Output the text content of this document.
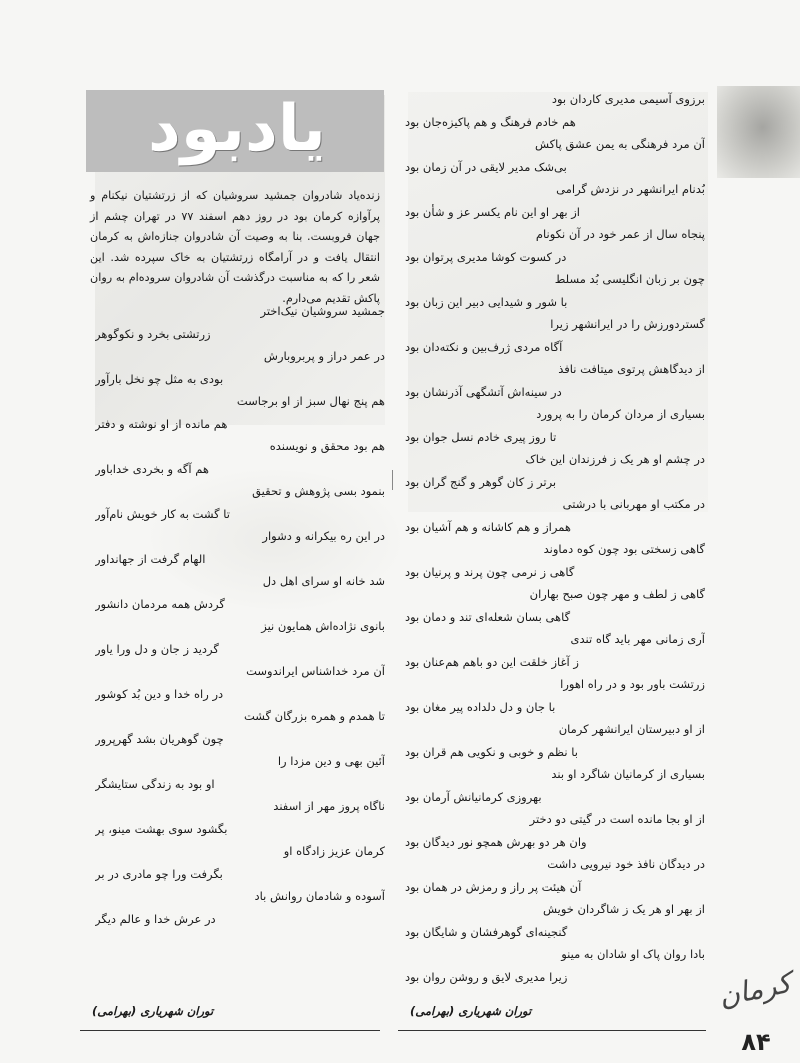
یادبود
زنده‌یاد شادروان جمشید سروشیان که از زرتشتیان نیکنام و پرآوازه کرمان بود در روز دهم اسفند ۷۷ در تهران چشم از جهان فروبست. بنا به وصیت آن شادروان جنازه‌اش به کرمان انتقال یافت و در آرامگاه زرتشتیان به خاک سپرده شد. این شعر را که به مناسبت درگذشت آن شادروان سروده‌ام به روان پاکش تقدیم می‌دارم.
جمشید سروشیان نیک‌اختر
زرتشتی بخرد و نکوگوهر
در عمر دراز و پربروبارش
بودی به مثل چو نخل بارآور
هم پنج نهال سبز از او برجاست
هم مانده از او نوشته و دفتر
هم بود محقق و نویسنده
هم آگه و بخردی خداباور
بنمود بسی پژوهش و تحقیق
تا گشت به کار خویش نام‌آور
در این ره بیکرانه و دشوار
الهام گرفت از جهانداور
شد خانه او سرای اهل دل
گردش همه مردمان دانشور
بانوی نژاده‌اش همایون نیز
گردید ز جان و دل ورا یاور
آن مرد خداشناس ایراندوست
در راه خدا و دین بُد کوشور
تا همدم و همره بزرگان گشت
چون گوهریان بشد گهرپرور
آئین بهی و دین مزدا را
او بود به زندگی ستایشگر
ناگاه پروز مهر از اسفند
بگشود سوی بهشت مینو، پر
کرمان عزیز زادگاه او
بگرفت ورا چو مادری در بر
آسوده و شادمان روانش باد
در عرش خدا و عالم دیگر
برزوی آسیمی مدیری کاردان بود
هم خادم فرهنگ و هم پاکیزه‌جان بود
آن مرد فرهنگی به یمن عشق پاکش
بی‌شک مدیر لایقی در آن زمان بود
بُدنام ایرانشهر در نزدش گرامی
از بهر او این نام یکسر عز و شأن بود
پنجاه سال از عمر خود در آن نکونام
در کسوت کوشا مدیری پرتوان بود
چون بر زبان انگلیسی بُد مسلط
با شور و شیدایی دبیر این زبان بود
گستردورزش را در ایرانشهر زیرا
آگاه مردی ژرف‌بین و نکته‌دان بود
از دیدگاهش پرتوی میتافت نافذ
در سینه‌اش آتشگهی آذرنشان بود
بسیاری از مردان کرمان را به پرورد
تا روز پیری خادم نسل جوان بود
در چشم او هر یک ز فرزندان این خاک
برتر ز کان گوهر و گنج گران بود
در مکتب او مهربانی با درشتی
همراز و هم کاشانه و هم آشیان بود
گاهی زسختی بود چون کوه دماوند
گاهی ز نرمی چون پرند و پرنیان بود
گاهی ز لطف و مهر چون صبح بهاران
گاهی بسان شعله‌ای تند و دمان بود
آری زمانی مهر باید گاه تندی
ز آغاز خلقت این دو باهم هم‌عنان بود
زرتشت باور بود و در راه اهورا
با جان و دل دلداده پیر مغان بود
از او دبیرستان ایرانشهر کرمان
با نظم و خوبی و نکویی هم قران بود
بسیاری از کرمانیان شاگرد او بند
بهروزی کرمانیانش آرمان بود
از او بجا مانده است در گیتی دو دختر
وان هر دو بهرش همچو نور دیدگان بود
در دیدگان نافذ خود نیرویی داشت
آن هیئت پر راز و رمزش در همان بود
از بهر او هر یک ز شاگردان خویش
گنجینه‌ای گوهرفشان و شایگان بود
بادا روان پاک او شادان به مینو
زیرا مدیری لایق و روشن روان بود
توران شهریاری (بهرامی)	توران شهریاری (بهرامی)	کرمان
۸۴
